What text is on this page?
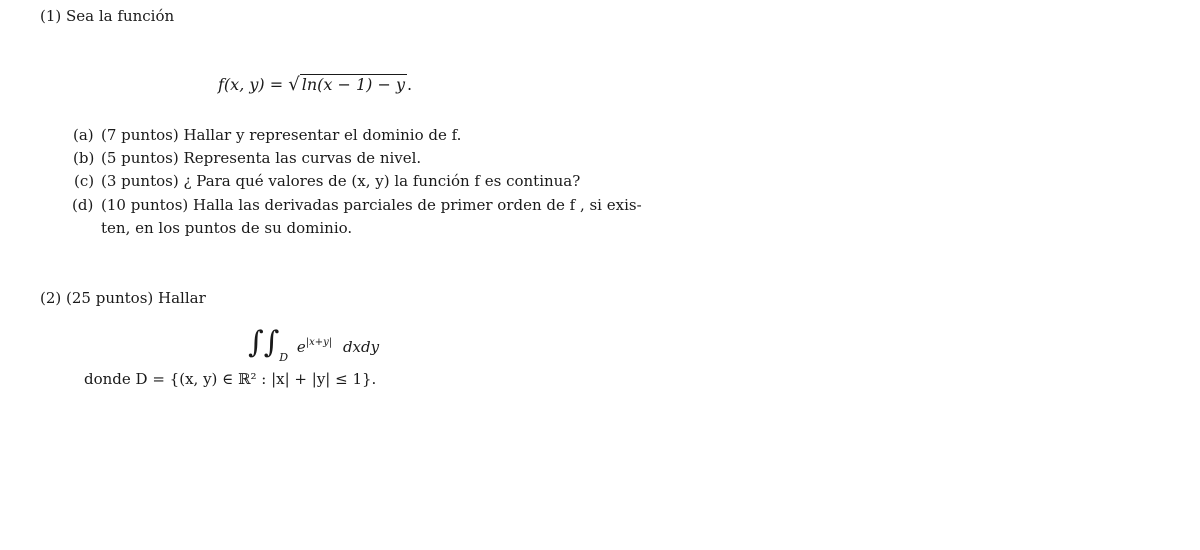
(1) Sea la función
f(x, y) = √ ln(x − 1) − y .
(a) (7 puntos) Hallar y representar el dominio de f.
(b) (5 puntos) Representa las curvas de nivel.
(c) (3 puntos) ¿ Para qué valores de (x, y) la función f es continua?
(d) (10 puntos) Halla las derivadas parciales de primer orden de f , si exis-
ten, en los puntos de su dominio.
(2) (25 puntos) Hallar
$\int\int_D$ $e^{|x+y|}$ dxdy
donde D = {(x, y) ∈ ℝ² : |x| + |y| ≤ 1}.
